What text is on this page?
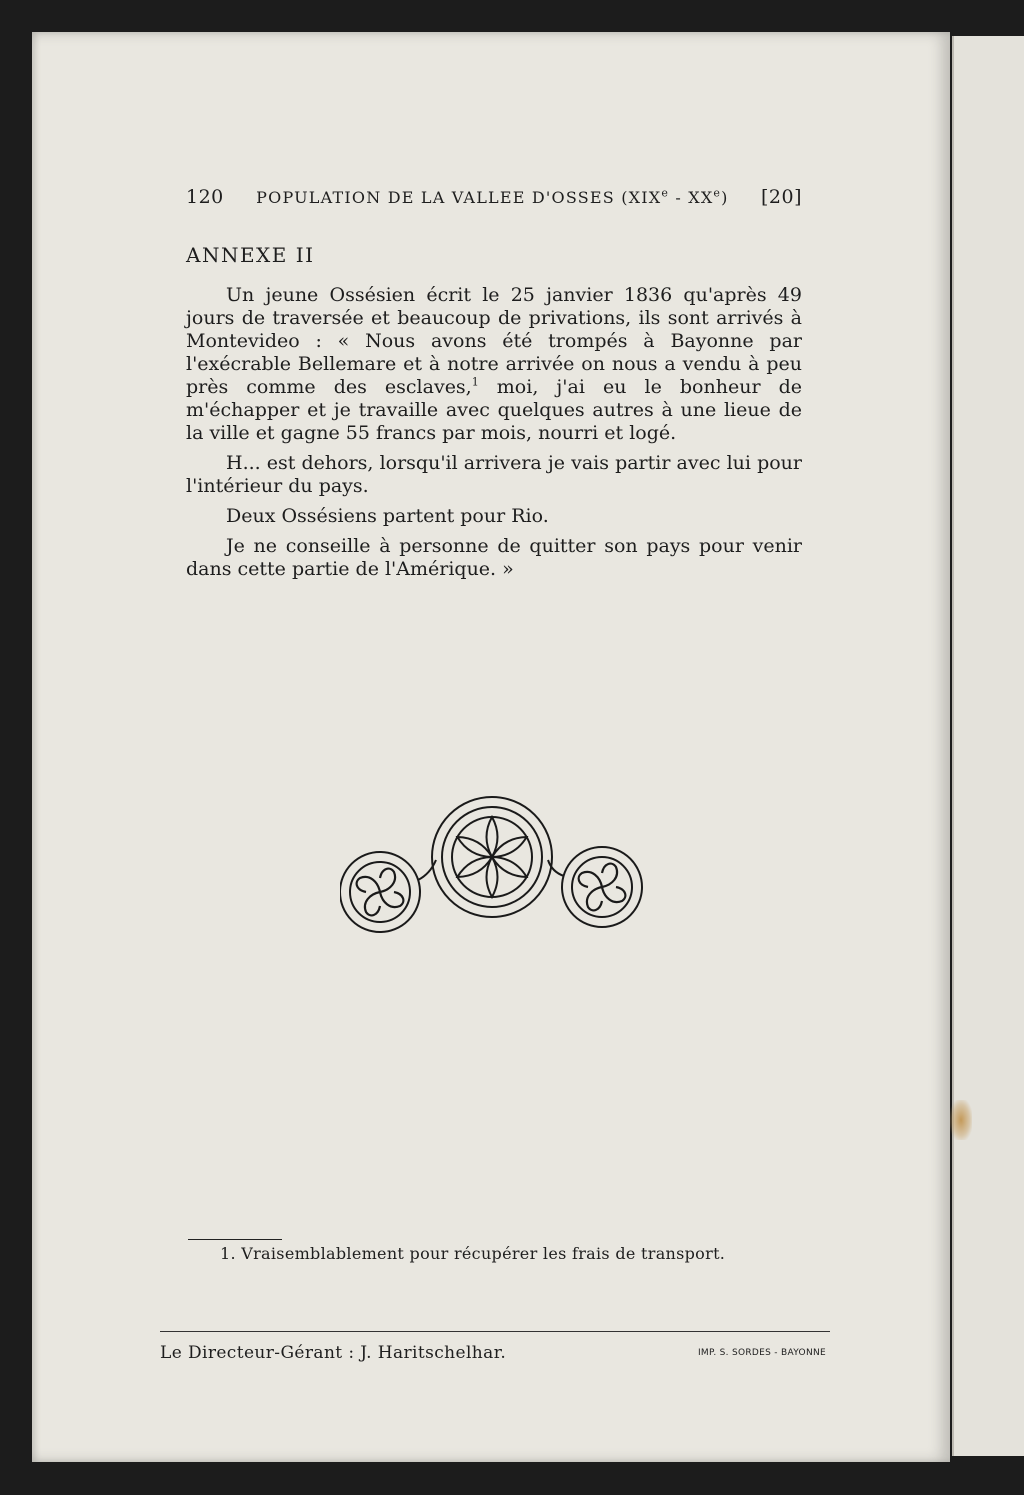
120 POPULATION DE LA VALLEE D'OSSES (XIXe - XXe) [20]
ANNEXE II

Un jeune Ossésien écrit le 25 janvier 1836 qu'après 49 jours de traversée et beaucoup de privations, ils sont arrivés à Montevideo : « Nous avons été trompés à Bayonne par l'exécrable Bellemare et à notre arrivée on nous a vendu à peu près comme des esclaves,$^1$ moi, j'ai eu le bonheur de m'échapper et je travaille avec quelques autres à une lieue de la ville et gagne 55 francs par mois, nourri et logé.

H... est dehors, lorsqu'il arrivera je vais partir avec lui pour l'intérieur du pays.

Deux Ossésiens partent pour Rio.

Je ne conseille à personne de quitter son pays pour venir dans cette partie de l'Amérique. »

1. Vraisemblablement pour récupérer les frais de transport.
Le Directeur-Gérant : J. Haritschelhar.	IMP. S. SORDES - BAYONNE
